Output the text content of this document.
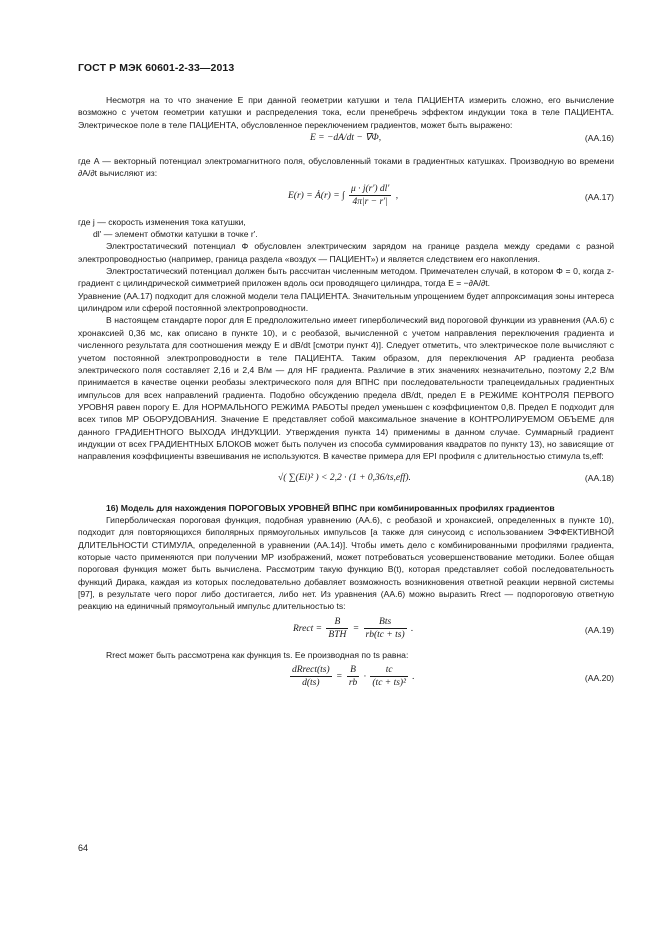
ГОСТ Р МЭК 60601-2-33—2013

Несмотря на то что значение E при данной геометрии катушки и тела ПАЦИЕНТА измерить сложно, его вычисление возможно с учетом геометрии катушки и распределения тока, если пренебречь эффектом индукции тока в теле ПАЦИЕНТА. Электрическое поле в теле ПАЦИЕНТА, обусловленное переключением градиентов, может быть выражено:

E = −dA/dt − ∇Φ,	(АА.16)

где A — векторный потенциал электромагнитного поля, обусловленный токами в градиентных катушках. Производную во времени ∂A/∂t вычисляют из:

E(r) = Ȧ(r) = ∫ $\frac{\mu \cdot j(r') dl'}{4\pi|r - r'|}$ ,	(АА.17)

где j — скорость изменения тока катушки,

dl' — элемент обмотки катушки в точке r'.

Электростатический потенциал Φ обусловлен электрическим зарядом на границе раздела между средами с разной электропроводностью (например, граница раздела «воздух — ПАЦИЕНТ») и является следствием его накопления.

Электростатический потенциал должен быть рассчитан численным методом. Примечателен случай, в котором Φ = 0, когда z-градиент с цилиндрической симметрией приложен вдоль оси проводящего цилиндра, тогда E = −∂A/∂t.

Уравнение (АА.17) подходит для сложной модели тела ПАЦИЕНТА. Значительным упрощением будет аппроксимация зоны интереса цилиндром или сферой постоянной электропроводности.

В настоящем стандарте порог для E предположительно имеет гиперболический вид пороговой функции из уравнения (АА.6) с хронаксией 0,36 мс, как описано в пункте 10), и с реобазой, вычисленной с учетом направления переключения градиента и численного результата для соотношения между E и dB/dt [смотри пункт 4)]. Следует отметить, что электрическое поле вычисляют с учетом постоянной электропроводности в теле ПАЦИЕНТА. Таким образом, для переключения AP градиента реобаза электрического поля составляет 2,16 и 2,4 В/м — для HF градиента. Различие в этих значениях незначительно, поэтому 2,2 В/м принимается в качестве оценки реобазы электрического поля для ВПНС при последовательности трапецеидальных градиентных импульсов для всех направлений градиента. Подобно обсуждению предела dB/dt, предел E в РЕЖИМЕ КОНТРОЛЯ ПЕРВОГО УРОВНЯ равен порогу E. Для НОРМАЛЬНОГО РЕЖИМА РАБОТЫ предел уменьшен с коэффициентом 0,8. Предел E подходит для всех типов МР ОБОРУДОВАНИЯ. Значение E представляет собой максимальное значение в КОНТРОЛИРУЕМОМ ОБЪЕМЕ для данного ГРАДИЕНТНОГО ВЫХОДА ИНДУКЦИИ. Утверждения пункта 14) применимы в данном случае. Суммарный градиент индукции от всех ГРАДИЕНТНЫХ БЛОКОВ может быть получен из способа суммирования квадратов по пункту 13), но зависящие от направления коэффициенты взвешивания не используются. В качестве примера для EPI профиля с длительностью стимула ts,eff:

√( ∑(Ei)² ) < 2,2 · (1 + 0,36/ts,eff).	(АА.18)

16) Модель для нахождения ПОРОГОВЫХ УРОВНЕЙ ВПНС при комбинированных профилях градиентов

Гиперболическая пороговая функция, подобная уравнению (АА.6), с реобазой и хронаксией, определенных в пункте 10), подходит для повторяющихся биполярных прямоугольных импульсов [а также для синусоид с использованием ЭФФЕКТИВНОЙ ДЛИТЕЛЬНОСТИ СТИМУЛА, определенной в уравнении (АА.14)]. Чтобы иметь дело с комбинированными профилями градиента, которые часто применяются при получении МР изображений, может потребоваться усовершенствование методики. Более общая пороговая функция может быть вычислена. Рассмотрим такую функцию B(t), которая представляет собой последовательность функций Дирака, каждая из которых последовательно добавляет возможность возникновения ответной реакции нервной системы [97], в результате чего порог либо достигается, либо нет. Из уравнения (АА.6) можно выразить Rrect — подпороговую ответную реакцию на единичный прямоугольный импульс длительностью ts:

Rrect = $\frac{B}{\text{BTH}} = \frac{\text{Bts}}{rb(tc + ts)}$ .	(АА.19)

Rrect может быть рассмотрена как функция ts. Ее производная по ts равна:

$\frac{\text{dRrect(ts)}}{d(ts)} = \frac{B}{rb} \cdot \frac{tc}{\text{(tc + ts)²}}$ .	(АА.20)
64
